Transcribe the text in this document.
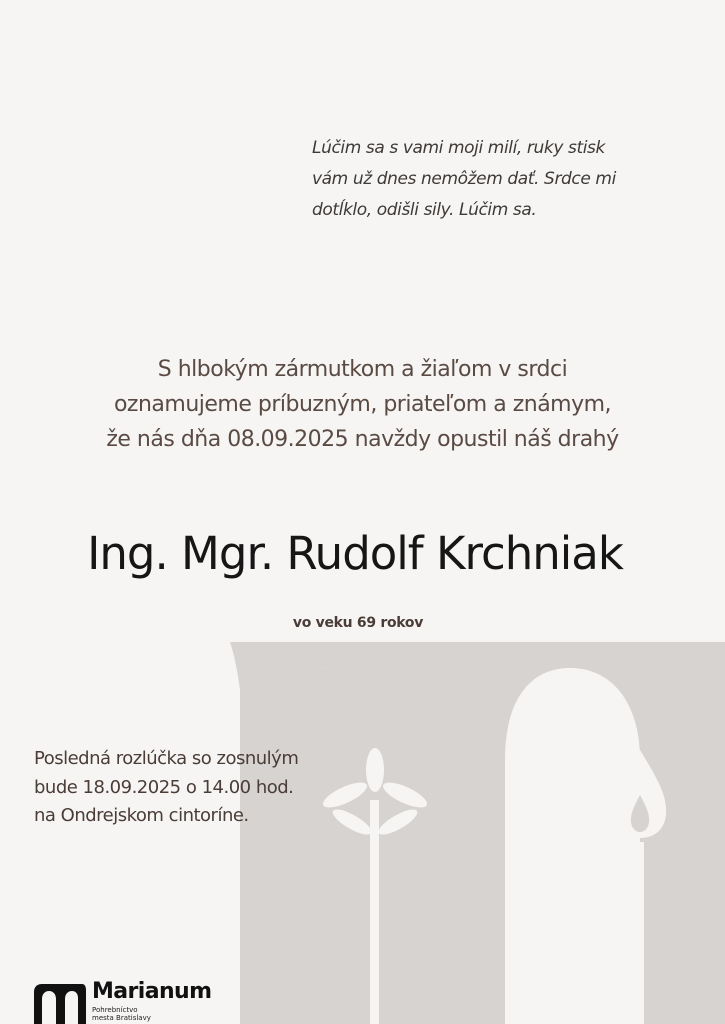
Lúčim sa s vami moji milí, ruky stisk
vám už dnes nemôžem dať. Srdce mi
dotĺklo, odišli sily. Lúčim sa.
S hlbokým zármutkom a žiaľom v srdci
oznamujeme príbuzným, priateľom a známym,
že nás dňa 08.09.2025 navždy opustil náš drahý
Ing. Mgr. Rudolf Krchniak
vo veku 69 rokov
Posledná rozlúčka so zosnulým
bude 18.09.2025 o 14.00 hod.
na Ondrejskom cintoríne.
Marianum
Pohrebníctvo
mesta Bratislavy
